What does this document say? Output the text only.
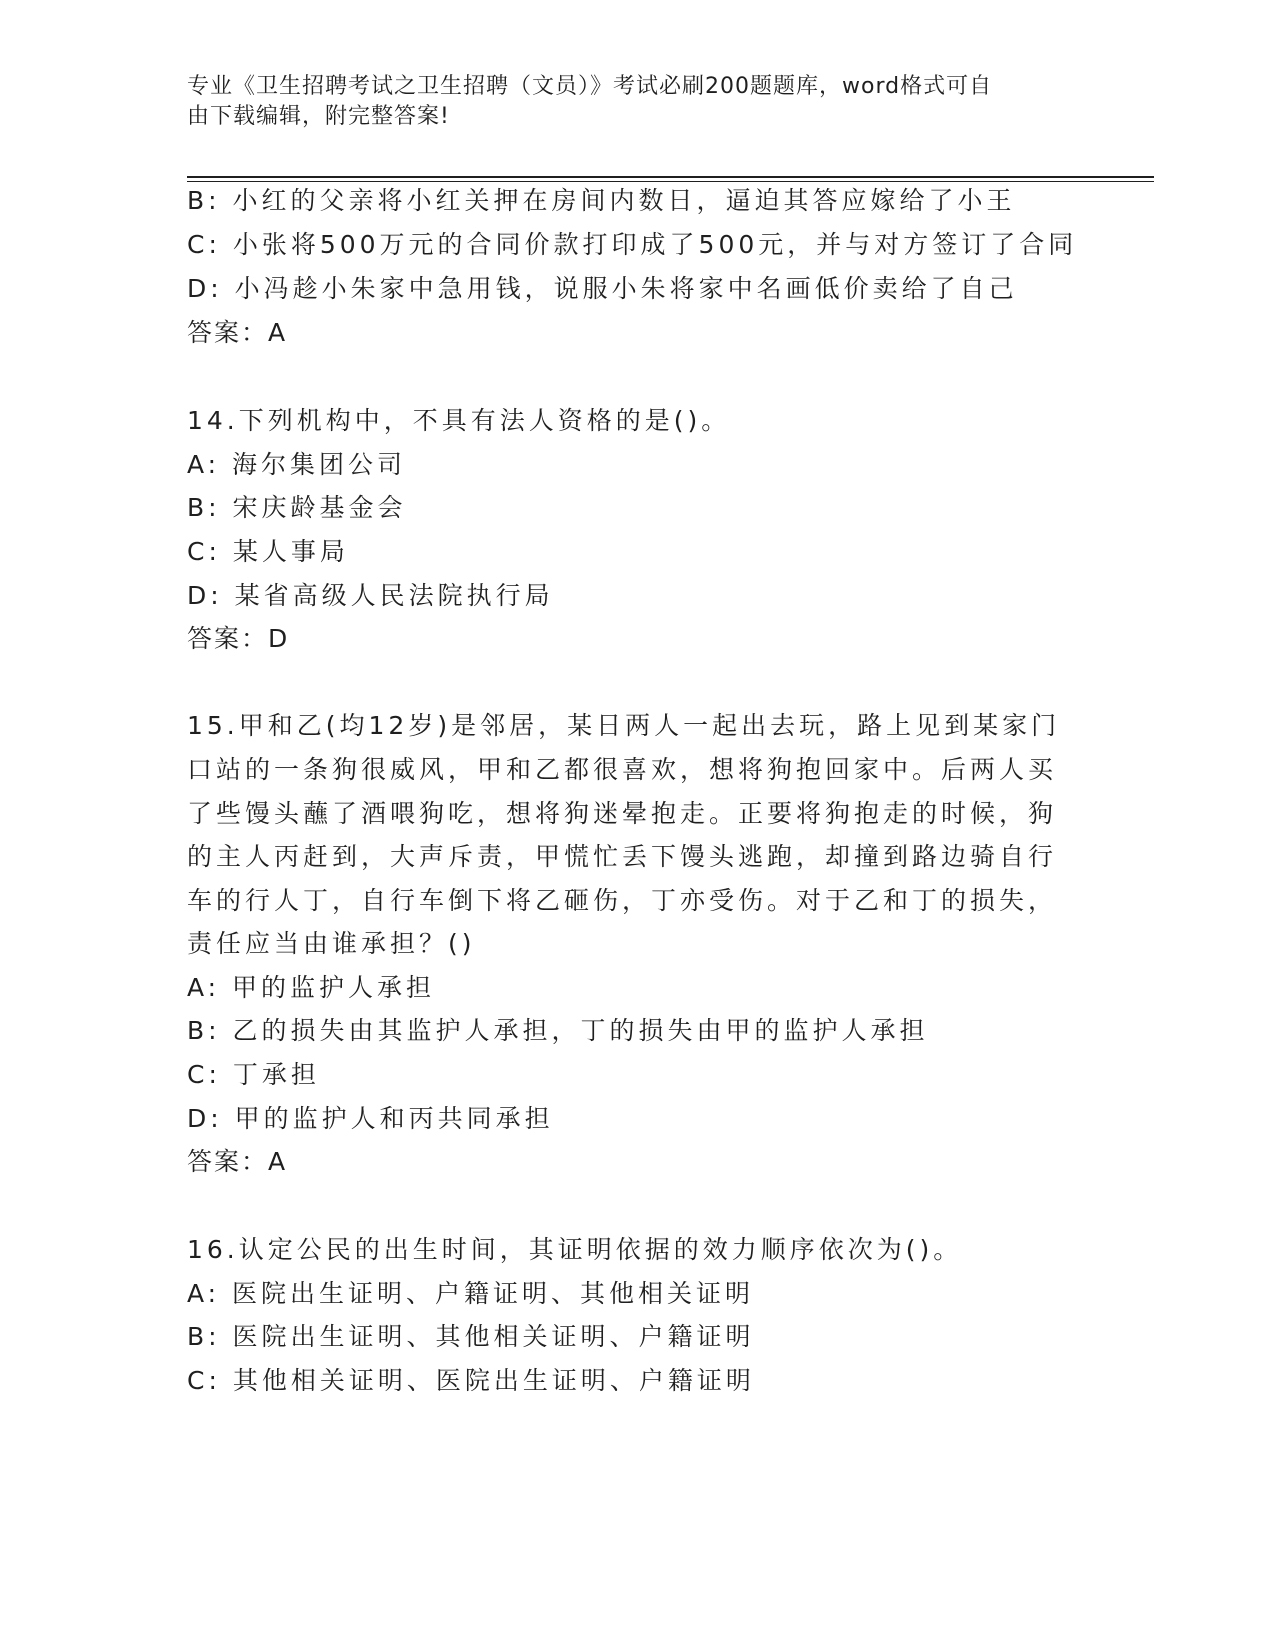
专业《卫生招聘考试之卫生招聘（文员）》考试必刷200题题库，word格式可自
由下载编辑，附完整答案!
B: 小红的父亲将小红关押在房间内数日，逼迫其答应嫁给了小王
C: 小张将500万元的合同价款打印成了500元，并与对方签订了合同
D: 小冯趁小朱家中急用钱，说服小朱将家中名画低价卖给了自己
答案：A
14.下列机构中，不具有法人资格的是()。
A: 海尔集团公司
B: 宋庆龄基金会
C: 某人事局
D: 某省高级人民法院执行局
答案：D
15.甲和乙(均12岁)是邻居，某日两人一起出去玩，路上见到某家门
口站的一条狗很威风，甲和乙都很喜欢，想将狗抱回家中。后两人买
了些馒头蘸了酒喂狗吃，想将狗迷晕抱走。正要将狗抱走的时候，狗
的主人丙赶到，大声斥责，甲慌忙丢下馒头逃跑，却撞到路边骑自行
车的行人丁，自行车倒下将乙砸伤，丁亦受伤。对于乙和丁的损失，
责任应当由谁承担？()
A: 甲的监护人承担
B: 乙的损失由其监护人承担，丁的损失由甲的监护人承担
C: 丁承担
D: 甲的监护人和丙共同承担
答案：A
16.认定公民的出生时间，其证明依据的效力顺序依次为()。
A: 医院出生证明、户籍证明、其他相关证明
B: 医院出生证明、其他相关证明、户籍证明
C: 其他相关证明、医院出生证明、户籍证明
